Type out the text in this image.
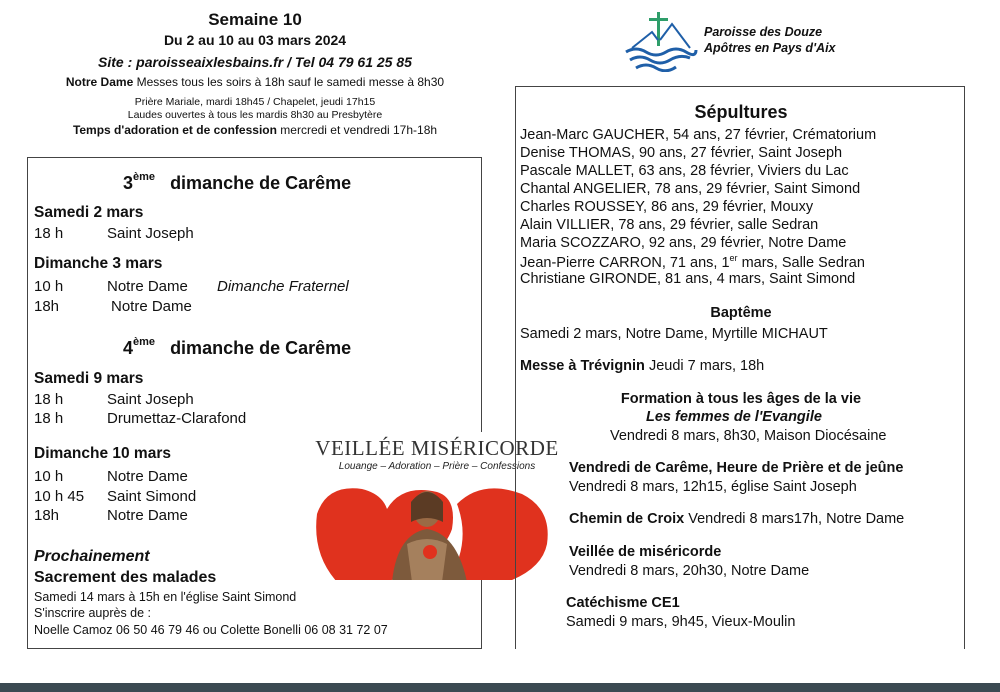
Semaine 10
Du 2 au 10 au 03 mars 2024
Site : paroisseaixlesbains.fr / Tel 04 79 61 25 85
Notre Dame Messes tous les soirs à 18h sauf le samedi messe à 8h30
Prière Mariale, mardi 18h45 / Chapelet, jeudi 17h15
Laudes ouvertes à tous les mardis 8h30 au Presbytère
Temps d'adoration et de confession mercredi et vendredi 17h-18h
Paroisse des Douze
Apôtres en Pays d'Aix
3ème dimanche de Carême
Samedi 2 mars
18 h	Saint Joseph
Dimanche 3 mars
10 h	Notre Dame Dimanche Fraternel
18h	Notre Dame
4ème dimanche de Carême
Samedi 9 mars
18 h	Saint Joseph
18 h	Drumettaz-Clarafond
Dimanche 10 mars
10 h	Notre Dame
10 h 45 Saint Simond
18h	Notre Dame
Prochainement
Sacrement des malades
Samedi 14 mars à 15h en l'église Saint Simond
S'inscrire auprès de :
Noelle Camoz 06 50 46 79 46 ou Colette Bonelli 06 08 31 72 07
VEILLÉE MISÉRICORDE
Louange – Adoration – Prière – Confessions
Sépultures
Jean-Marc GAUCHER, 54 ans, 27 février, Crématorium
Denise THOMAS, 90 ans, 27 février, Saint Joseph
Pascale MALLET, 63 ans, 28 février, Viviers du Lac
Chantal ANGELIER, 78 ans, 29 février, Saint Simond
Charles ROUSSEY, 86 ans, 29 février, Mouxy
Alain VILLIER, 78 ans, 29 février, salle Sedran
Maria SCOZZARO, 92 ans, 29 février, Notre Dame
Jean-Pierre CARRON, 71 ans, 1er mars, Salle Sedran
Christiane GIRONDE, 81 ans, 4 mars, Saint Simond
Baptême
Samedi 2 mars, Notre Dame, Myrtille MICHAUT
Messe à Trévignin Jeudi 7 mars, 18h
Formation à tous les âges de la vie
Les femmes de l'Evangile
Vendredi 8 mars, 8h30, Maison Diocésaine
Vendredi de Carême, Heure de Prière et de jeûne
Vendredi 8 mars, 12h15, église Saint Joseph
Chemin de Croix Vendredi 8 mars17h, Notre Dame
Veillée de miséricorde
Vendredi 8 mars, 20h30, Notre Dame
Catéchisme CE1
Samedi 9 mars, 9h45, Vieux-Moulin
